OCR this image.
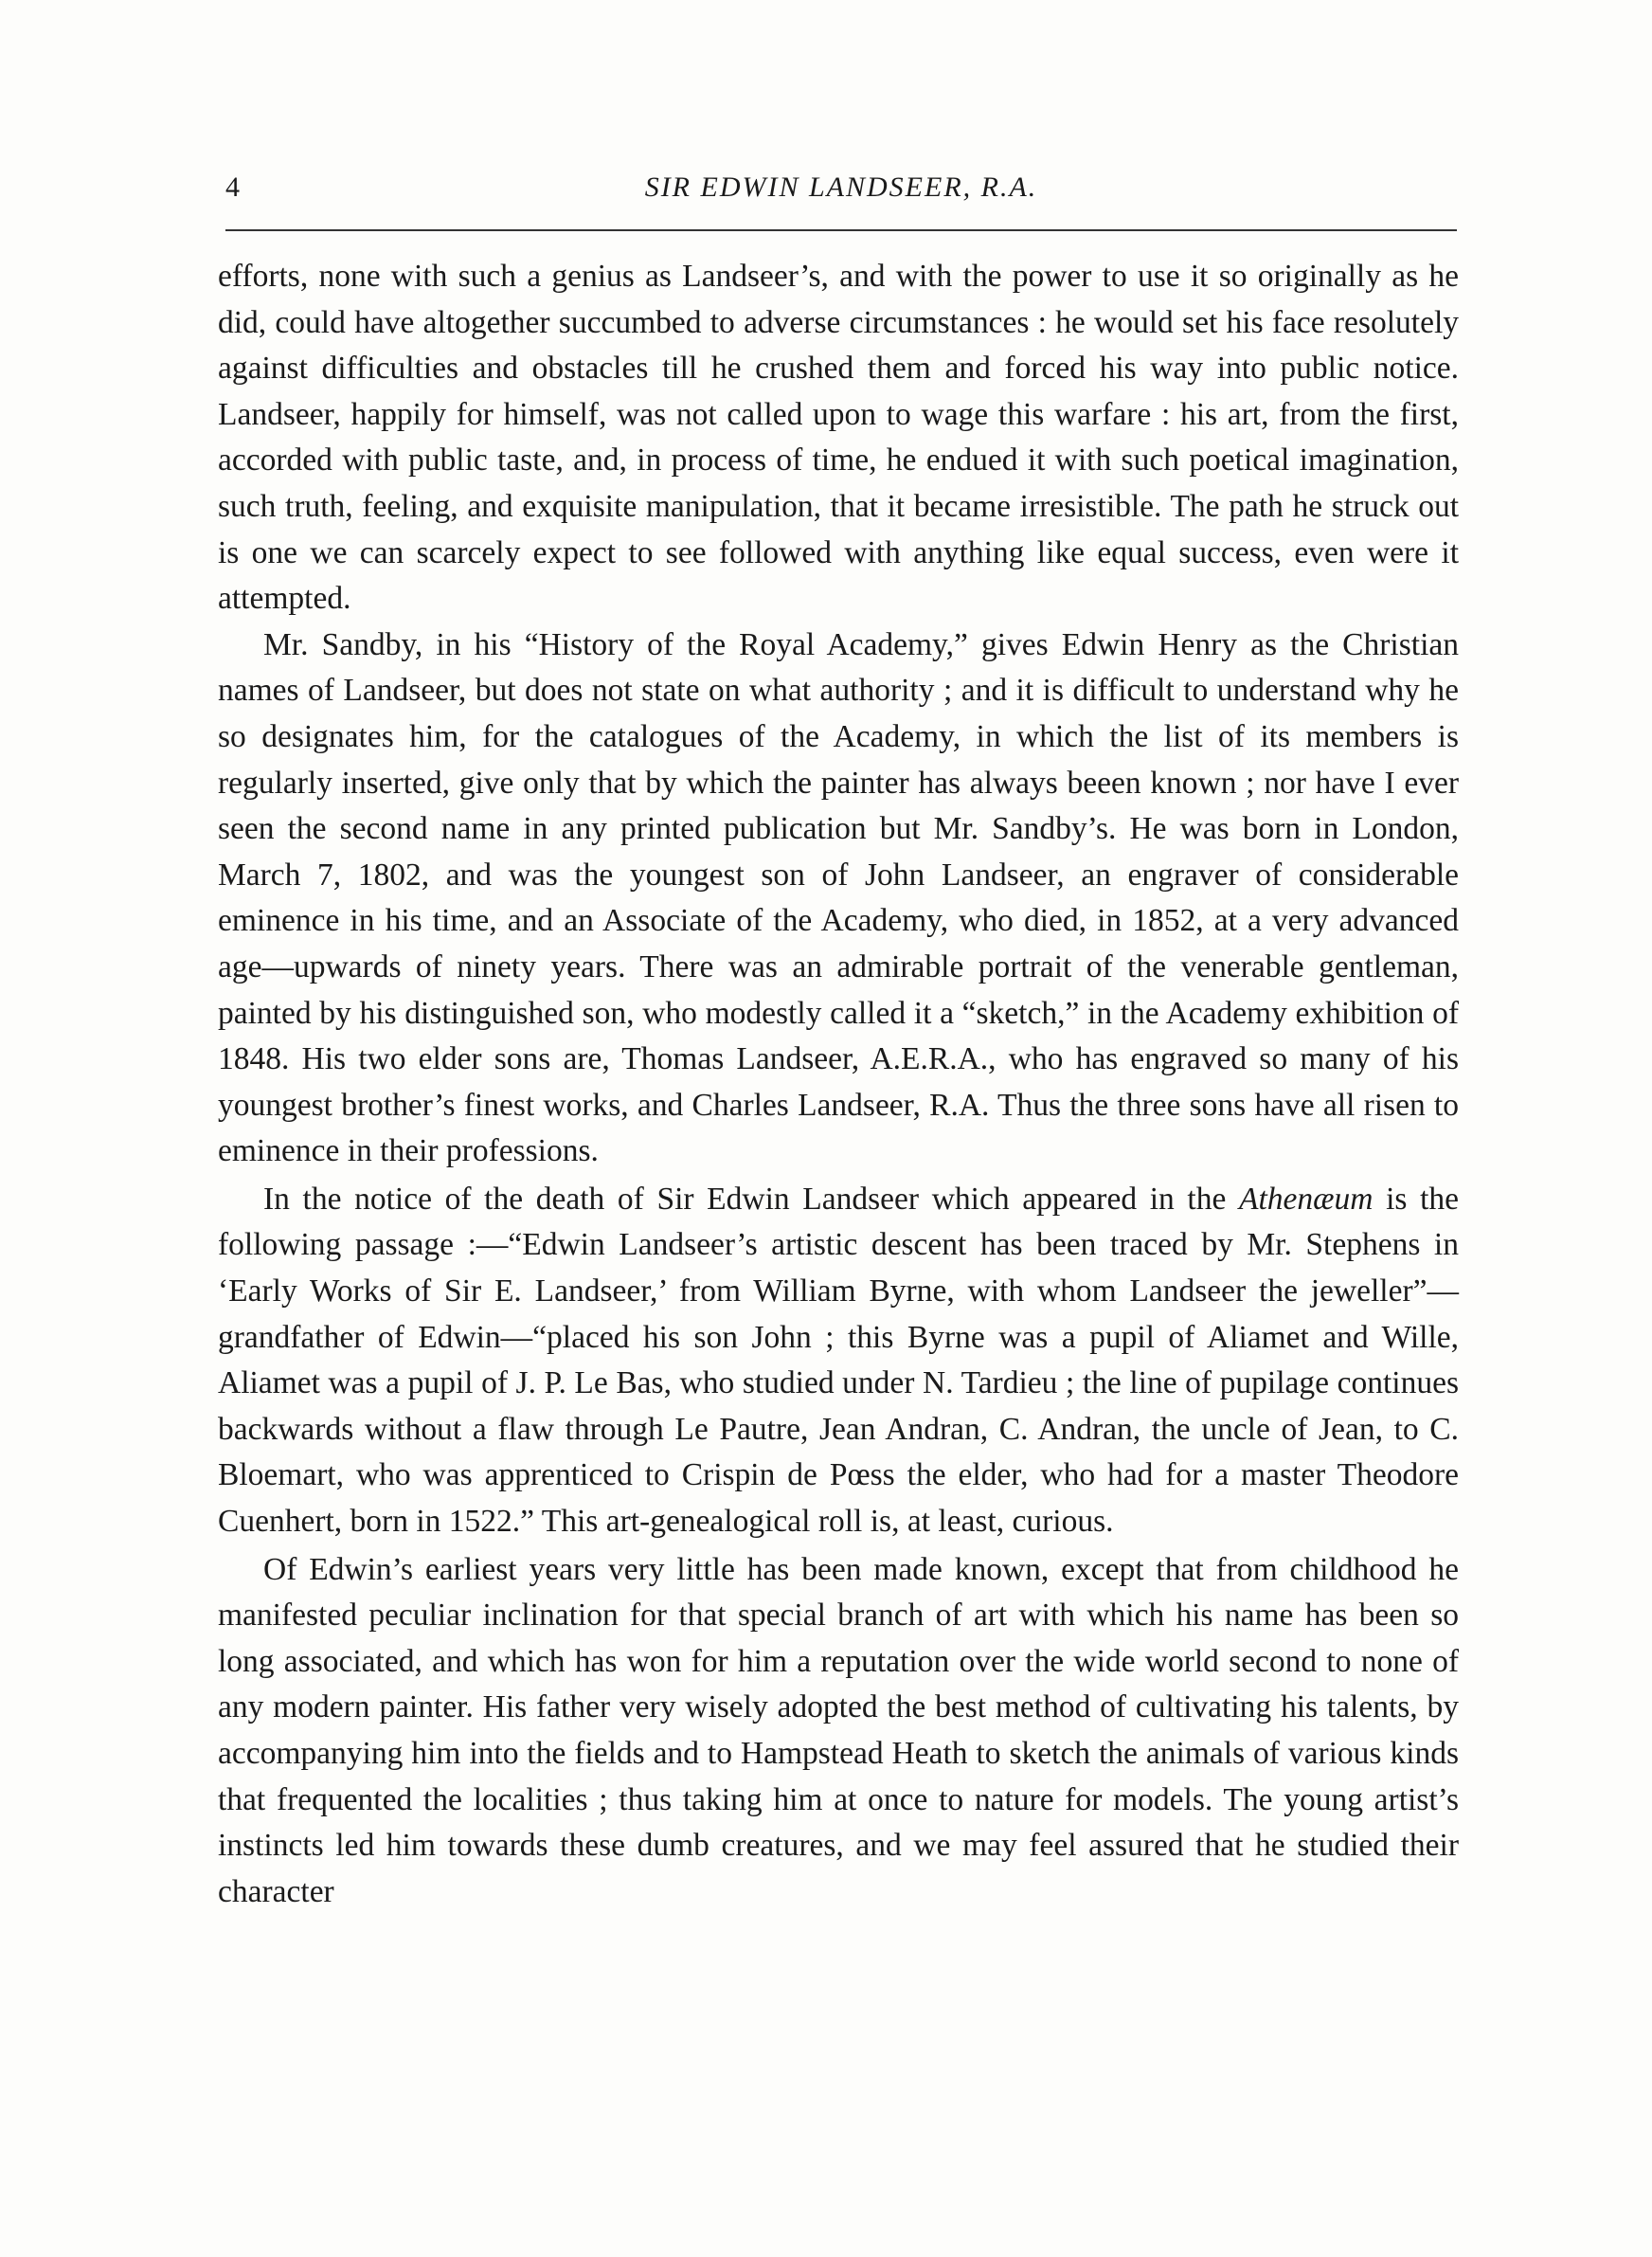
4	SIR EDWIN LANDSEER, R.A.

efforts, none with such a genius as Landseer’s, and with the power to use it so originally as he did, could have altogether succumbed to adverse circumstances : he would set his face resolutely against difficulties and obstacles till he crushed them and forced his way into public notice. Landseer, happily for himself, was not called upon to wage this warfare : his art, from the first, accorded with public taste, and, in process of time, he endued it with such poetical imagination, such truth, feeling, and exquisite manipulation, that it became irresistible. The path he struck out is one we can scarcely expect to see followed with anything like equal success, even were it attempted.

Mr. Sandby, in his “History of the Royal Academy,” gives Edwin Henry as the Christian names of Landseer, but does not state on what authority ; and it is difficult to understand why he so designates him, for the catalogues of the Academy, in which the list of its members is regularly inserted, give only that by which the painter has always beeen known ; nor have I ever seen the second name in any printed publication but Mr. Sandby’s. He was born in London, March 7, 1802, and was the youngest son of John Landseer, an engraver of considerable eminence in his time, and an Associate of the Academy, who died, in 1852, at a very advanced age—upwards of ninety years. There was an admirable portrait of the venerable gentleman, painted by his distinguished son, who modestly called it a “sketch,” in the Academy exhibition of 1848. His two elder sons are, Thomas Landseer, A.E.R.A., who has engraved so many of his youngest brother’s finest works, and Charles Landseer, R.A. Thus the three sons have all risen to eminence in their professions.

In the notice of the death of Sir Edwin Landseer which appeared in the Athenæum is the following passage :—“Edwin Landseer’s artistic descent has been traced by Mr. Stephens in ‘Early Works of Sir E. Landseer,’ from William Byrne, with whom Landseer the jeweller”—grandfather of Edwin—“placed his son John ; this Byrne was a pupil of Aliamet and Wille, Aliamet was a pupil of J. P. Le Bas, who studied under N. Tardieu ; the line of pupilage continues backwards without a flaw through Le Pautre, Jean Andran, C. Andran, the uncle of Jean, to C. Bloemart, who was apprenticed to Crispin de Pœss the elder, who had for a master Theodore Cuenhert, born in 1522.” This art-genealogical roll is, at least, curious.

Of Edwin’s earliest years very little has been made known, except that from childhood he manifested peculiar inclination for that special branch of art with which his name has been so long associated, and which has won for him a reputation over the wide world second to none of any modern painter. His father very wisely adopted the best method of cultivating his talents, by accompanying him into the fields and to Hampstead Heath to sketch the animals of various kinds that frequented the localities ; thus taking him at once to nature for models. The young artist’s instincts led him towards these dumb creatures, and we may feel assured that he studied their character
